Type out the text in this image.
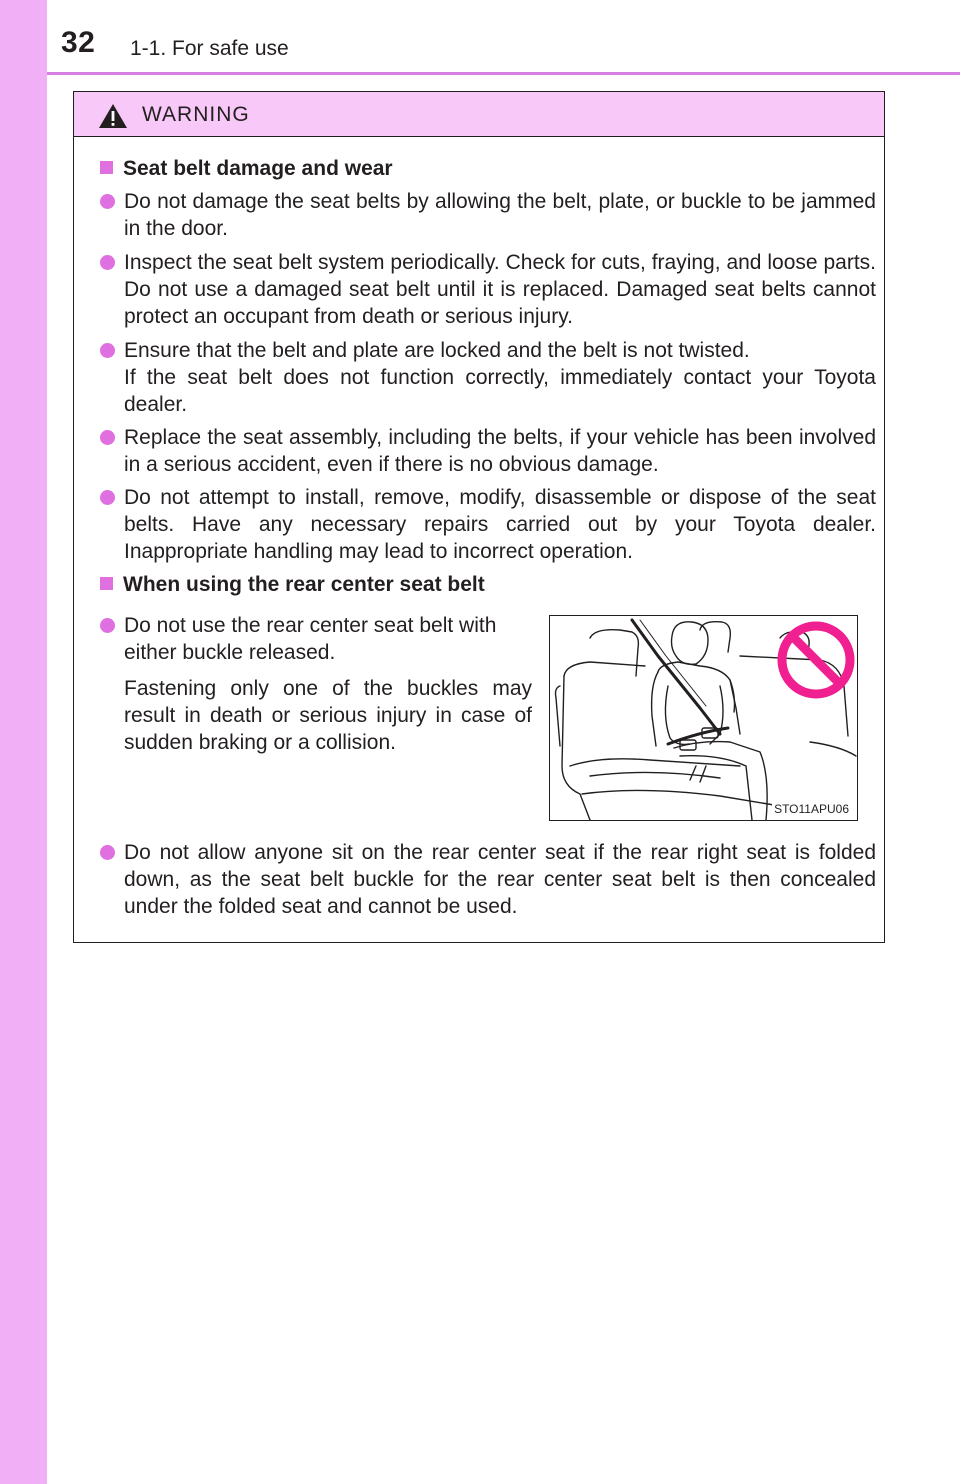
32 1-1. For safe use
WARNING
Seat belt damage and wear
Do not damage the seat belts by allowing the belt, plate, or buckle to be jammed in the door.
Inspect the seat belt system periodically. Check for cuts, fraying, and loose parts. Do not use a damaged seat belt until it is replaced. Damaged seat belts cannot protect an occupant from death or serious injury.
Ensure that the belt and plate are locked and the belt is not twisted.
If the seat belt does not function correctly, immediately contact your Toyota dealer.
Replace the seat assembly, including the belts, if your vehicle has been involved in a serious accident, even if there is no obvious damage.
Do not attempt to install, remove, modify, disassemble or dispose of the seat belts. Have any necessary repairs carried out by your Toyota dealer. Inappropriate handling may lead to incorrect operation.
When using the rear center seat belt
Do not use the rear center seat belt with either buckle released.
Fastening only one of the buckles may result in death or serious injury in case of sudden braking or a collision.
STO11APU06
Do not allow anyone sit on the rear center seat if the rear right seat is folded down, as the seat belt buckle for the rear center seat belt is then concealed under the folded seat and cannot be used.
